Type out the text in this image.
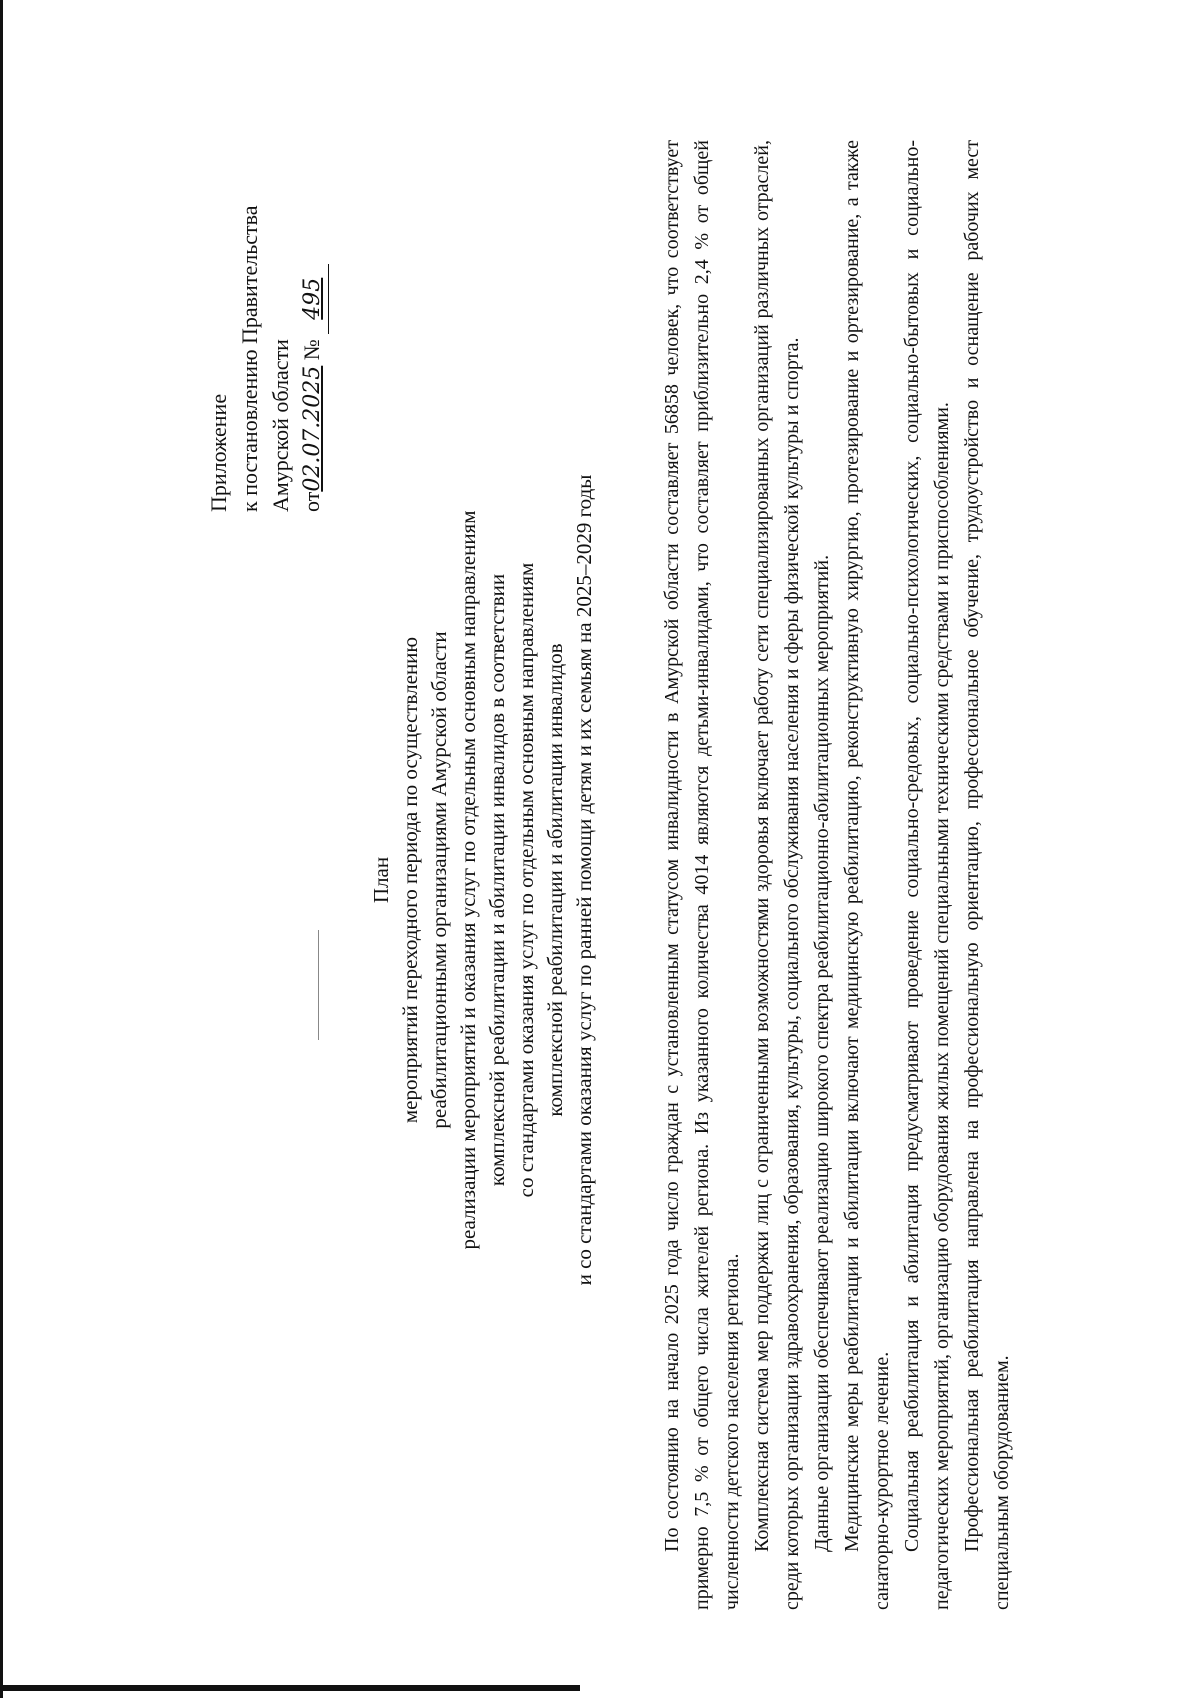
Приложение к постановлению Правительства Амурской области от02.07.2025 № 495
План мероприятий переходного периода по осуществлению реабилитационными организациями Амурской области реализации мероприятий и оказания услуг по отдельным основным направлениям комплексной реабилитации и абилитации инвалидов в соответствии со стандартами оказания услуг по отдельным основным направлениям комплексной реабилитации и абилитации инвалидов и со стандартами оказания услуг по ранней помощи детям и их семьям на 2025–2029 годы	По состоянию на начало 2025 года число граждан с установленным статусом инвалидности в Амурской области составляет 56858 человек, что соответствует примерно 7,5 % от общего числа жителей региона. Из указанного количества 4014 являются детьми-инвалидами, что составляет приблизительно 2,4 % от общей численности детского населения региона. Комплексная система мер поддержки лиц с ограниченными возможностями здоровья включает работу сети специализированных организаций различных отраслей, среди которых организации здравоохранения, образования, культуры, социального обслуживания населения и сферы физической культуры и спорта. Данные организации обеспечивают реализацию широкого спектра реабилитационно-абилитационных мероприятий. Медицинские меры реабилитации и абилитации включают медицинскую реабилитацию, реконструктивную хирургию, протезирование и ортезирование, а также санаторно-курортное лечение. Социальная реабилитация и абилитация предусматривают проведение социально-средовых, социально-психологических, социально-бытовых и социально-педагогических мероприятий, организацию оборудования жилых помещений специальными техническими средствами и приспособлениями. Профессиональная реабилитация направлена на профессиональную ориентацию, профессиональное обучение, трудоустройство и оснащение рабочих мест специальным оборудованием.
